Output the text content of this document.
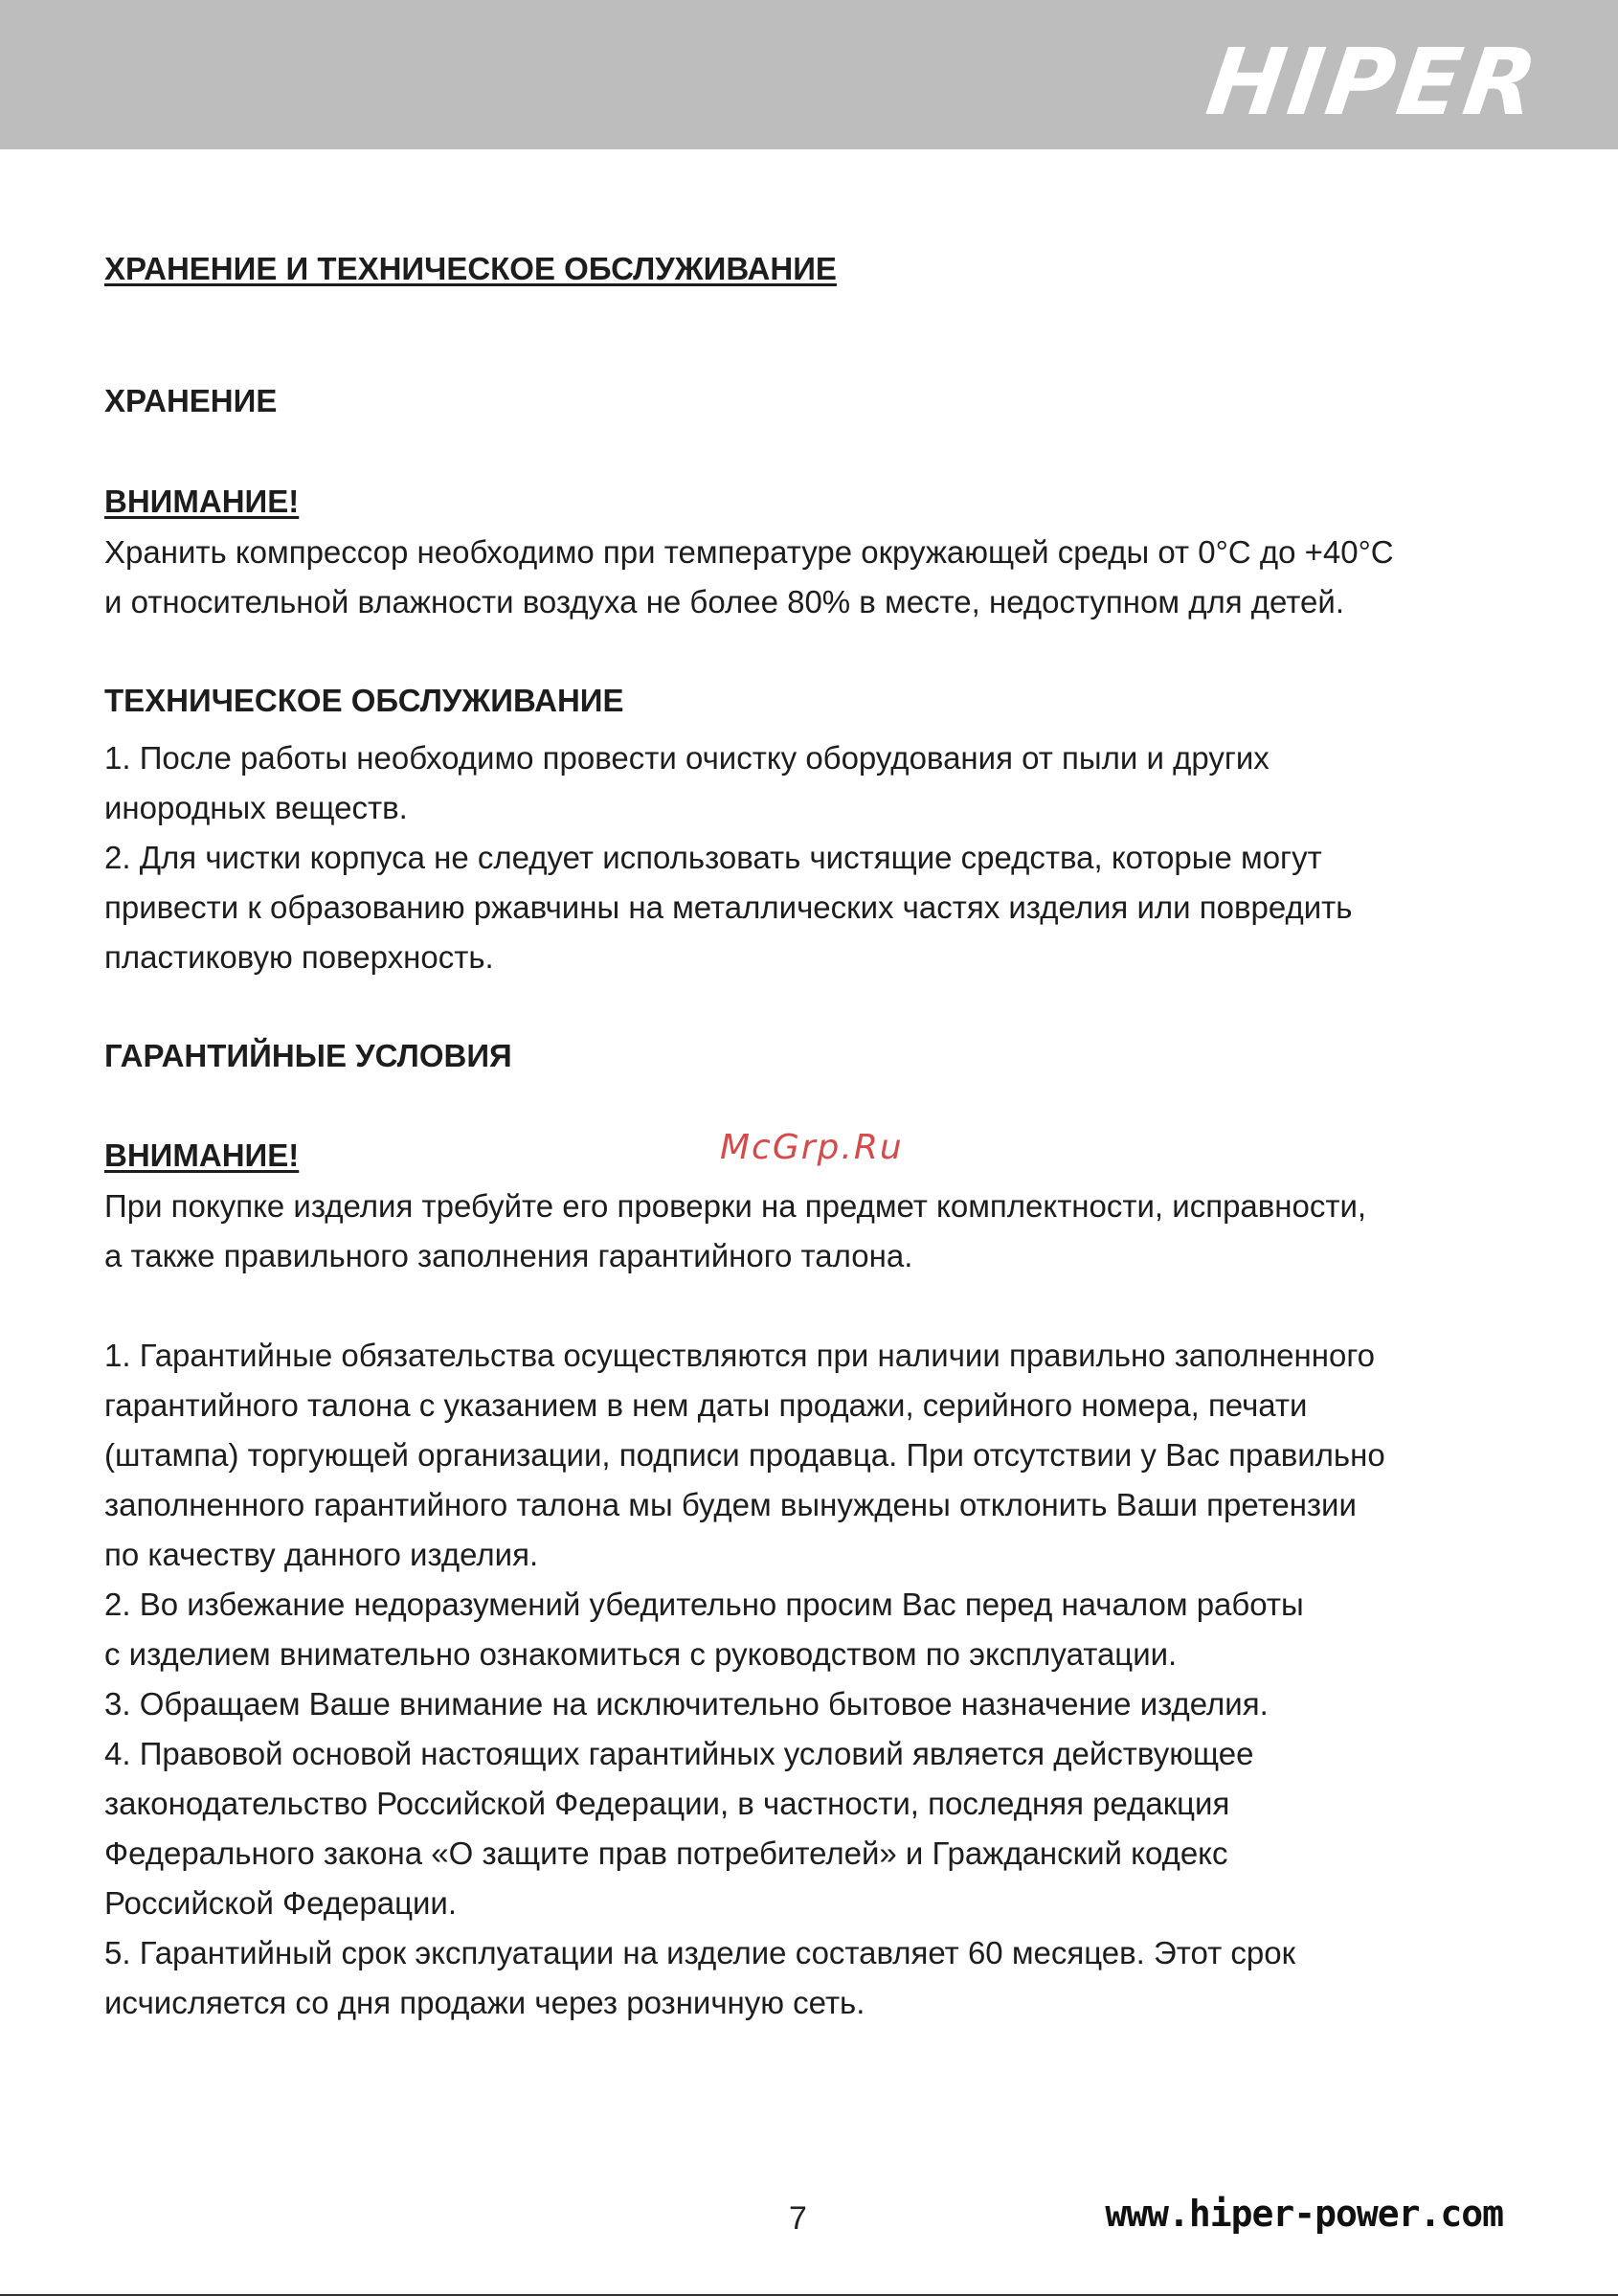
HIPER
ХРАНЕНИЕ И ТЕХНИЧЕСКОЕ ОБСЛУЖИВАНИЕ
ХРАНЕНИЕ
ВНИМАНИЕ!

Хранить компрессор необходимо при температуре окружающей среды от 0°С до +40°С

и относительной влажности воздуха не более 80% в месте, недоступном для детей.

ТЕХНИЧЕСКОЕ ОБСЛУЖИВАНИЕ

1. После работы необходимо провести очистку оборудования от пыли и других

инородных веществ.

2. Для чистки корпуса не следует использовать чистящие средства, которые могут

привести к образованию ржавчины на металлических частях изделия или повредить

пластиковую поверхность.

ГАРАНТИЙНЫЕ УСЛОВИЯ
ВНИМАНИЕ!

При покупке изделия требуйте его проверки на предмет комплектности, исправности,

а также правильного заполнения гарантийного талона.

1. Гарантийные обязательства осуществляются при наличии правильно заполненного

гарантийного талона с указанием в нем даты продажи, серийного номера, печати

(штампа) торгующей организации, подписи продавца. При отсутствии у Вас правильно

заполненного гарантийного талона мы будем вынуждены отклонить Ваши претензии

по качеству данного изделия.

2. Во избежание недоразумений убедительно просим Вас перед началом работы

с изделием внимательно ознакомиться с руководством по эксплуатации.

3. Обращаем Ваше внимание на исключительно бытовое назначение изделия.

4. Правовой основой настоящих гарантийных условий является действующее

законодательство Российской Федерации, в частности, последняя редакция

Федерального закона «О защите прав потребителей» и Гражданский кодекс

Российской Федерации.

5. Гарантийный срок эксплуатации на изделие составляет 60 месяцев. Этот срок

исчисляется со дня продажи через розничную сеть.

McGrp.Ru
7	www.hiper-power.com
